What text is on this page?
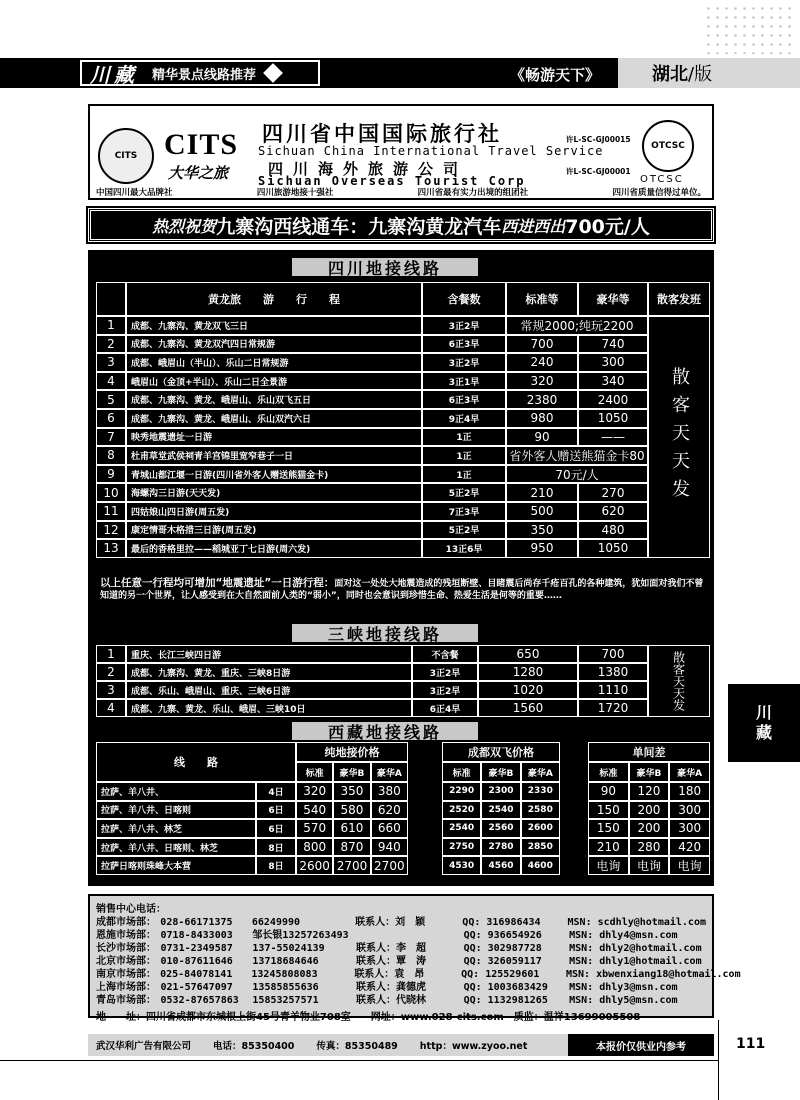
川藏 精华景点线路推荐	《畅游天下》	湖北 /版
CITS CITS
大华之旅
四川省中国国际旅行社
Sichuan China International Travel Service
四川海外旅游公司
Sichuan Overseas Tourist Corp
许L-SC-GJ00015
许L-SC-GJ00001
OTCSC
OTCSC
中国四川最大品牌社	四川旅游地接十强社	四川省最有实力出境的组团社	四川省质量信得过单位。
热烈祝贺 九寨沟西线通车：九寨沟黄龙汽车 西进西出 700元/人
四川地接线路
黄龙旅　　游　　行　　程	含餐数	标准等	豪华等	散客发班
1	成都、九寨沟、黄龙双飞三日	3正2早	常规2000;纯玩2200
2	成都、九寨沟、黄龙双汽四日常规游	6正3早	700	740
3	成都、峨眉山（半山）、乐山二日常规游	3正2早	240	300
4	峨眉山（金顶+半山）、乐山二日全景游	3正1早	320	340
5	成都、九寨沟、黄龙、峨眉山、乐山双飞五日	6正3早	2380	2400
6	成都、九寨沟、黄龙、峨眉山、乐山双汽六日	9正4早	980	1050
7	映秀地震遗址一日游	1正	90	——
8	杜甫草堂武侯祠青羊宫锦里宽窄巷子一日	1正	省外客人赠送熊猫金卡80
9	青城山都江堰一日游(四川省外客人赠送熊猫金卡)	1正	70元/人
10	海螺沟三日游(天天发)	5正2早	210	270
11	四姑娘山四日游(周五发)	7正3早	500	620
12	康定情哥木格措三日游(周五发)	5正2早	350	480
13	最后的香格里拉——稻城亚丁七日游(周六发)	13正6早	950	1050
散客天天发
以上任意一行程均可增加“地震遗址”一日游行程：面对这一处处大地震造成的残垣断壁、目睹震后尚存千疮百孔的各种建筑，犹如面对我们不曾知道的另一个世界，让人感受到在大自然面前人类的“弱小”，同时也会意识到珍惜生命、热爱生活是何等的重要……
三峡地接线路
1	重庆、长江三峡四日游	不含餐	650	700
2	成都、九寨沟、黄龙、重庆、三峡8日游	3正2早	1280	1380
3	成都、乐山、峨眉山、重庆、三峡6日游	3正2早	1020	1110
4	成都、九寨、黄龙、乐山、峨眉、三峡10日	6正4早	1560	1720	散客天天发
西藏地接线路
线　　路
纯地接价格
标准	豪华B	豪华A
成都双飞价格
标准	豪华B	豪华A
单间差
标准	豪华B	豪华A
拉萨、羊八井、	4日	320	350	380	2290	2300	2330	90	120	180
拉萨、羊八井、日喀则	6日	540	580	620	2520	2540	2580	150	200	300
拉萨、羊八井、林芝	6日	570	610	660	2540	2560	2600	150	200	300
拉萨、羊八井、日喀则、林芝	8日	800	870	940	2750	2780	2850	210	280	420
拉萨日喀则珠峰大本营	8日	2600 2700 2700	4530	4560	4600	电询	电询	电询
川
藏
销售中心电话：
成都市场部： 028-66171375	66249990	联系人：刘　颖	QQ: 316986434	MSN: scdhly@hotmail.com
恩施市场部： 0718-8433003	邹长银13257263493	QQ: 936654926	MSN: dhly4@msn.com
长沙市场部： 0731-2349587	137-55024139	联系人：李　超	QQ: 302987728	MSN: dhly2@hotmail.com
北京市场部： 010-87611646	13718684646	联系人：覃　涛	QQ: 326059117	MSN: dhly1@hotmail.com
南京市场部： 025-84078141	13245808083	联系人：袁　昂	QQ: 125529601	MSN: xbwenxiang18@hotmail.com
上海市场部： 021-57647097	13585855636	联系人：龚德虎	QQ: 1003683429	MSN: dhly3@msn.com
青岛市场部： 0532-87657863	15853257571	联系人：代晓林	QQ: 1132981265	MSN: dhly5@msn.com
地　　址：四川省成都市东城根上街45号青羊物业708室　　网址：www.028-cits.com　质监：温祥13699005508
武汉华利广告有限公司 电话：85350400 传真：85350489 http：www.zyoo.net	本报价仅供业内参考	111
